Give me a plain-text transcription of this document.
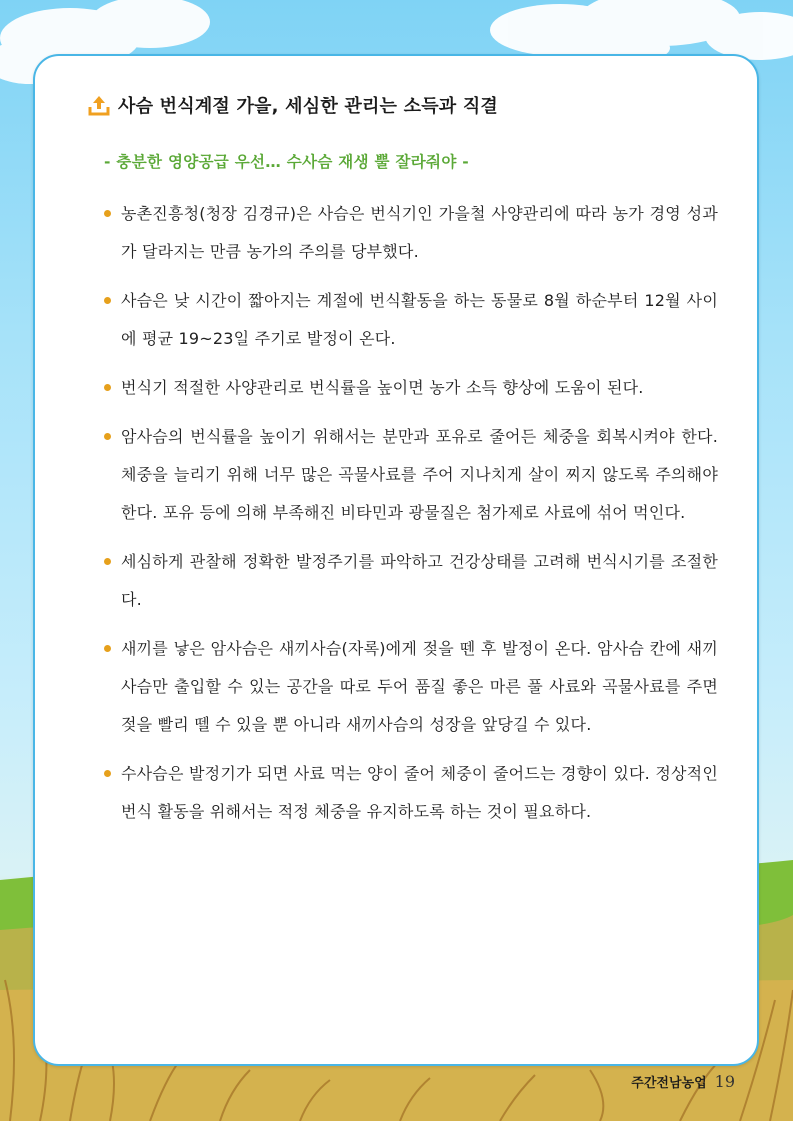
사슴 번식계절 가을, 세심한 관리는 소득과 직결
- 충분한 영양공급 우선… 수사슴 재생 뿔 잘라줘야 -
농촌진흥청(청장 김경규)은 사슴은 번식기인 가을철 사양관리에 따라 농가 경영 성과가 달라지는 만큼 농가의 주의를 당부했다.
사슴은 낮 시간이 짧아지는 계절에 번식활동을 하는 동물로 8월 하순부터 12월 사이에 평균 19~23일 주기로 발정이 온다.
번식기 적절한 사양관리로 번식률을 높이면 농가 소득 향상에 도움이 된다.
암사슴의 번식률을 높이기 위해서는 분만과 포유로 줄어든 체중을 회복시켜야 한다. 체중을 늘리기 위해 너무 많은 곡물사료를 주어 지나치게 살이 찌지 않도록 주의해야 한다. 포유 등에 의해 부족해진 비타민과 광물질은 첨가제로 사료에 섞어 먹인다.
세심하게 관찰해 정확한 발정주기를 파악하고 건강상태를 고려해 번식시기를 조절한다.
새끼를 낳은 암사슴은 새끼사슴(자록)에게 젖을 뗀 후 발정이 온다. 암사슴 칸에 새끼사슴만 출입할 수 있는 공간을 따로 두어 품질 좋은 마른 풀 사료와 곡물사료를 주면 젖을 빨리 뗄 수 있을 뿐 아니라 새끼사슴의 성장을 앞당길 수 있다.
수사슴은 발정기가 되면 사료 먹는 양이 줄어 체중이 줄어드는 경향이 있다. 정상적인 번식 활동을 위해서는 적정 체중을 유지하도록 하는 것이 필요하다.
주간전남농업 19
